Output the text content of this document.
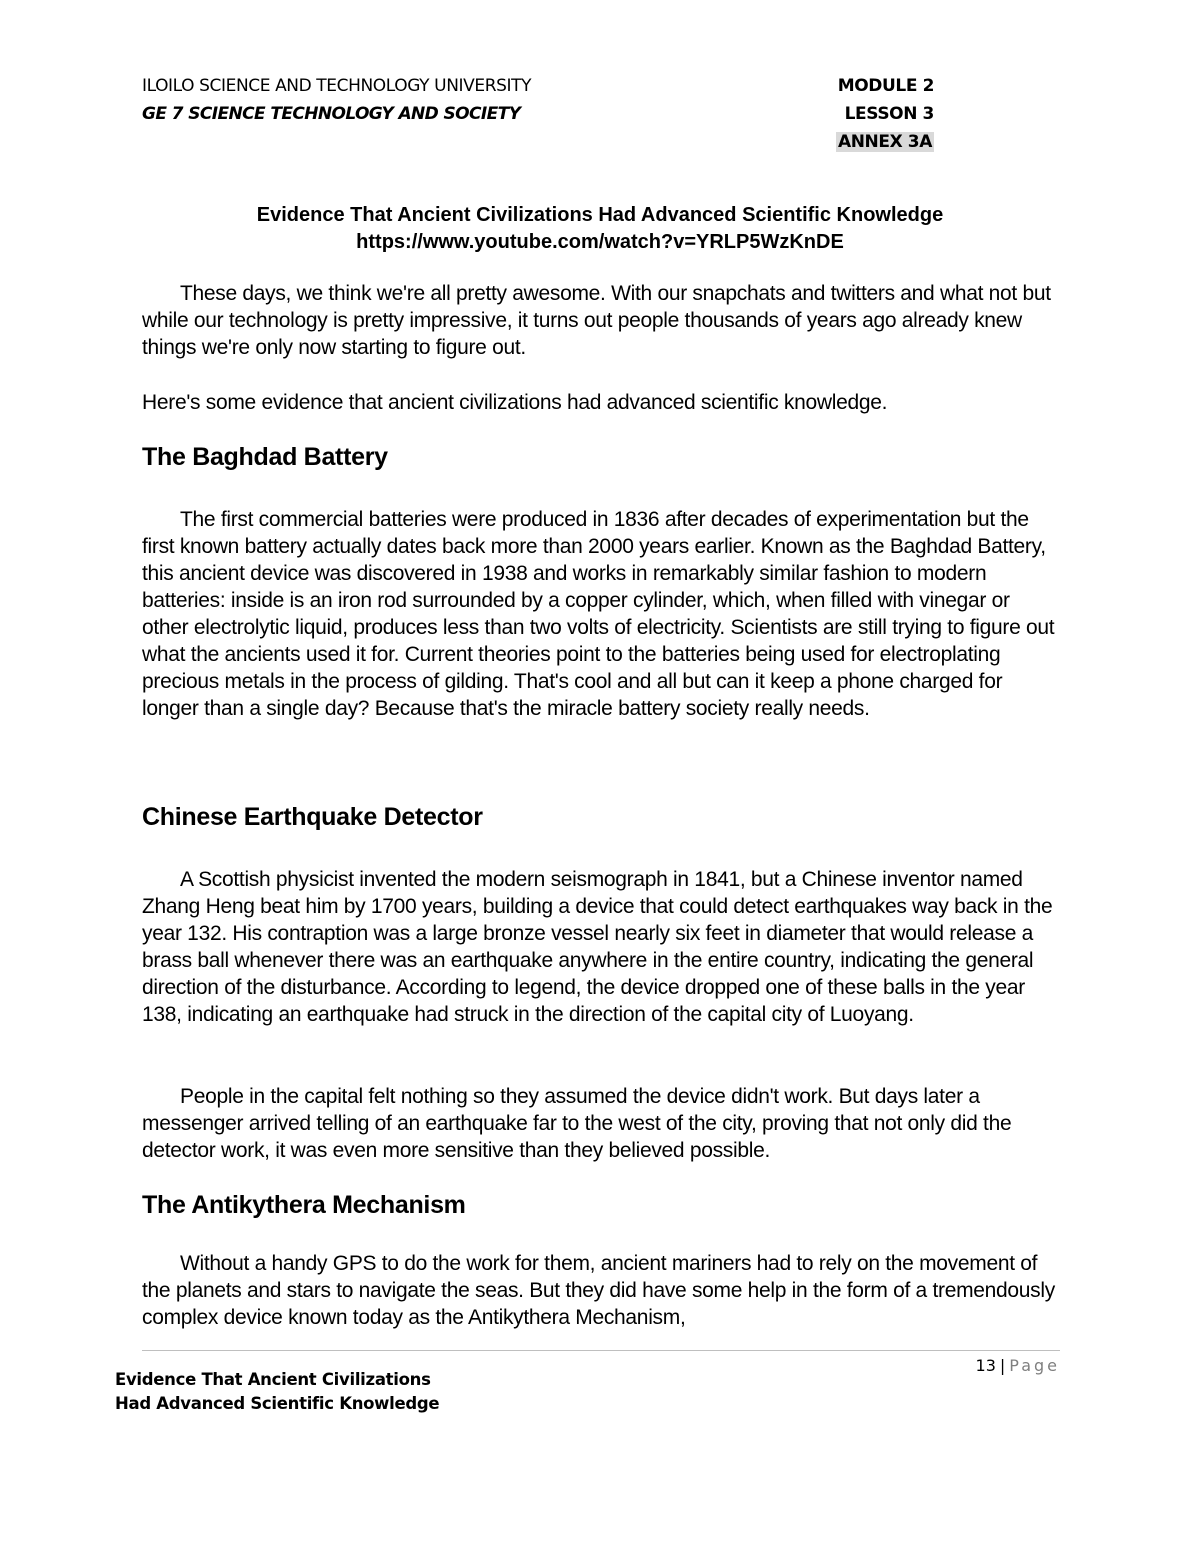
ILOILO SCIENCE AND TECHNOLOGY UNIVERSITY
GE 7 SCIENCE TECHNOLOGY AND SOCIETY
MODULE 2
LESSON 3
ANNEX 3A
Evidence That Ancient Civilizations Had Advanced Scientific Knowledge
https://www.youtube.com/watch?v=YRLP5WzKnDE
These days, we think we're all pretty awesome. With our snapchats and twitters and what not but while our technology is pretty impressive, it turns out people thousands of years ago already knew things we're only now starting to figure out.
Here's some evidence that ancient civilizations had advanced scientific knowledge.
The Baghdad Battery
The first commercial batteries were produced in 1836 after decades of experimentation but the first known battery actually dates back more than 2000 years earlier. Known as the Baghdad Battery, this ancient device was discovered in 1938 and works in remarkably similar fashion to modern batteries: inside is an iron rod surrounded by a copper cylinder, which, when filled with vinegar or other electrolytic liquid, produces less than two volts of electricity. Scientists are still trying to figure out what the ancients used it for. Current theories point to the batteries being used for electroplating precious metals in the process of gilding. That's cool and all but can it keep a phone charged for longer than a single day? Because that's the miracle battery society really needs.
Chinese Earthquake Detector
A Scottish physicist invented the modern seismograph in 1841, but a Chinese inventor named Zhang Heng beat him by 1700 years, building a device that could detect earthquakes way back in the year 132. His contraption was a large bronze vessel nearly six feet in diameter that would release a brass ball whenever there was an earthquake anywhere in the entire country, indicating the general direction of the disturbance. According to legend, the device dropped one of these balls in the year 138, indicating an earthquake had struck in the direction of the capital city of Luoyang.
People in the capital felt nothing so they assumed the device didn't work. But days later a messenger arrived telling of an earthquake far to the west of the city, proving that not only did the detector work, it was even more sensitive than they believed possible.
The Antikythera Mechanism
Without a handy GPS to do the work for them, ancient mariners had to rely on the movement of the planets and stars to navigate the seas. But they did have some help in the form of a tremendously complex device known today as the Antikythera Mechanism,
13 | Page
Evidence That Ancient Civilizations
Had Advanced Scientific Knowledge
